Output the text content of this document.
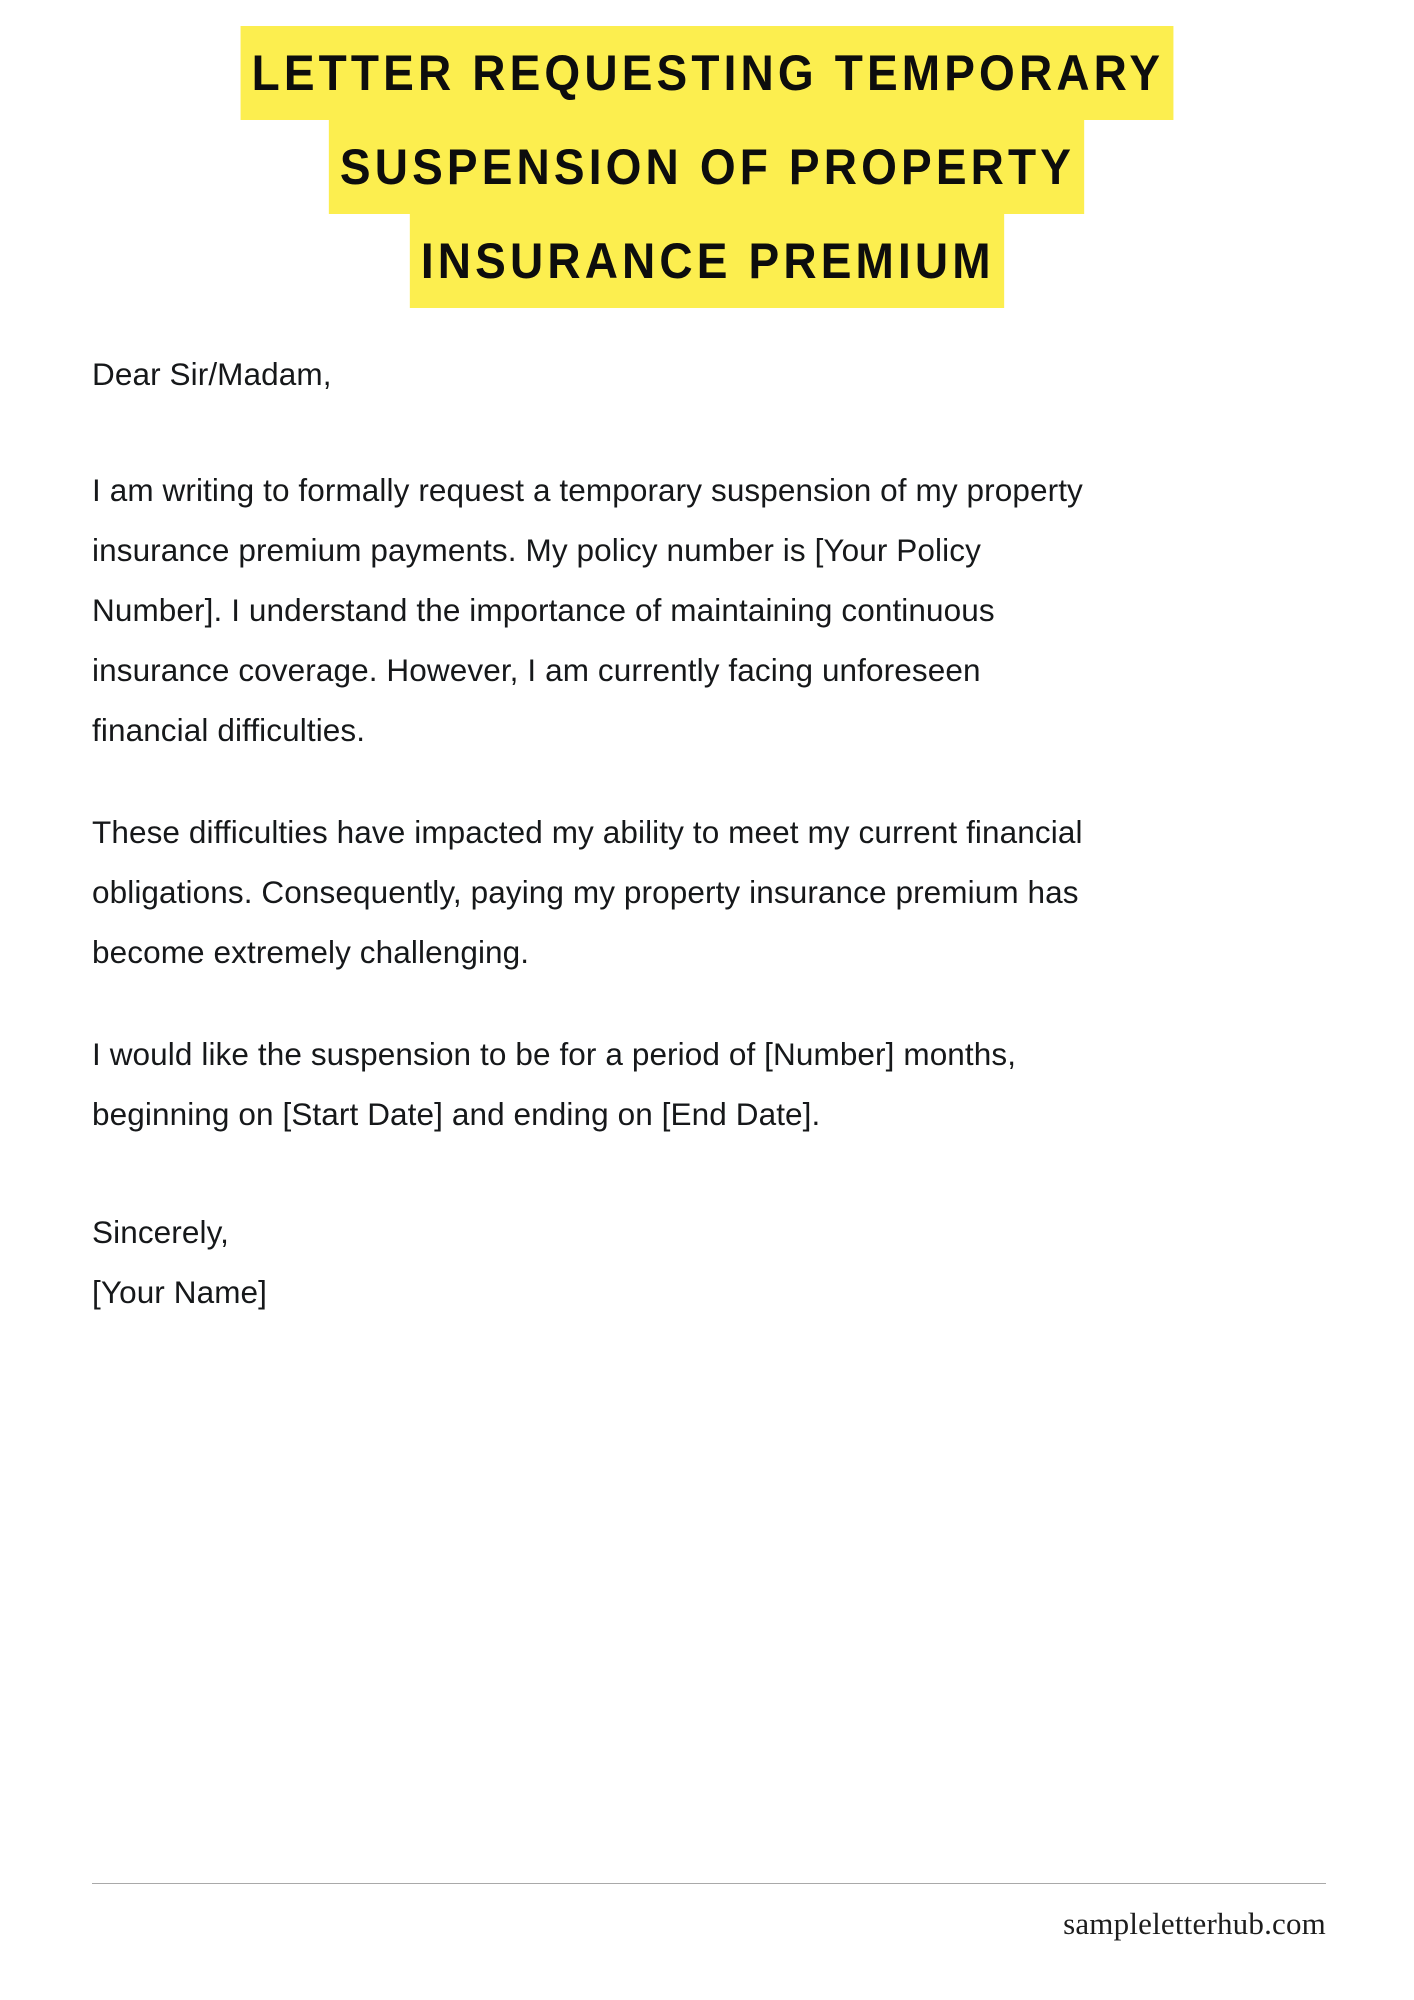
LETTER REQUESTING TEMPORARY
SUSPENSION OF PROPERTY
INSURANCE PREMIUM

Dear Sir/Madam,

I am writing to formally request a temporary suspension of my property insurance premium payments. My policy number is [Your Policy Number]. I understand the importance of maintaining continuous insurance coverage. However, I am currently facing unforeseen financial difficulties.

These difficulties have impacted my ability to meet my current financial obligations. Consequently, paying my property insurance premium has become extremely challenging.

I would like the suspension to be for a period of [Number] months, beginning on [Start Date] and ending on [End Date].

Sincerely,

[Your Name]

sampleletterhub.com
